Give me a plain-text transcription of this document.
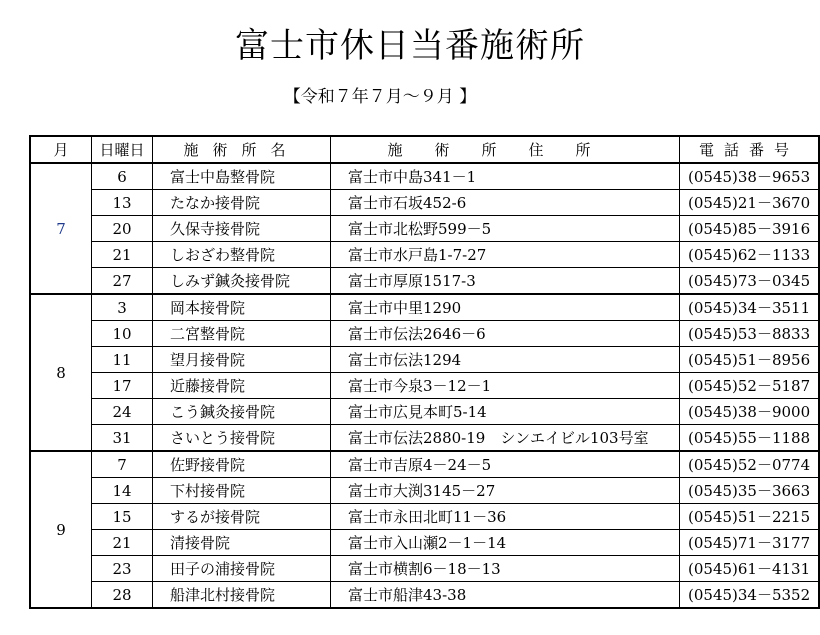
富士市休日当番施術所
【令和７年７月～９月 】
月	日曜日	施術所名	施術所住所	電話番号
7	6	富士中島整骨院	富士市中島341－1	(0545)38－9653
	13	たなか接骨院	富士市石坂452-6	(0545)21－3670
	20	久保寺接骨院	富士市北松野599－5	(0545)85－3916
	21	しおざわ整骨院	富士市水戸島1‐7‐27	(0545)62－1133
	27	しみず鍼灸接骨院	富士市厚原1517‐3	(0545)73－0345
8	3	岡本接骨院	富士市中里1290	(0545)34－3511
	10	二宮整骨院	富士市伝法2646－6	(0545)53－8833
	11	望月接骨院	富士市伝法1294	(0545)51－8956
	17	近藤接骨院	富士市今泉3－12－1	(0545)52－5187
	24	こう鍼灸接骨院	富士市広見本町5-14	(0545)38－9000
	31	さいとう接骨院	富士市伝法2880-19　シンエイビル103号室	(0545)55－1188
9	7	佐野接骨院	富士市吉原4－24－5	(0545)52－0774
	14	下村接骨院	富士市大渕3145－27	(0545)35－3663
	15	するが接骨院	富士市永田北町11－36	(0545)51－2215
	21	清接骨院	富士市入山瀬2－1－14	(0545)71－3177
	23	田子の浦接骨院	富士市横割6－18－13	(0545)61－4131
	28	船津北村接骨院	富士市船津43-38	(0545)34－5352
